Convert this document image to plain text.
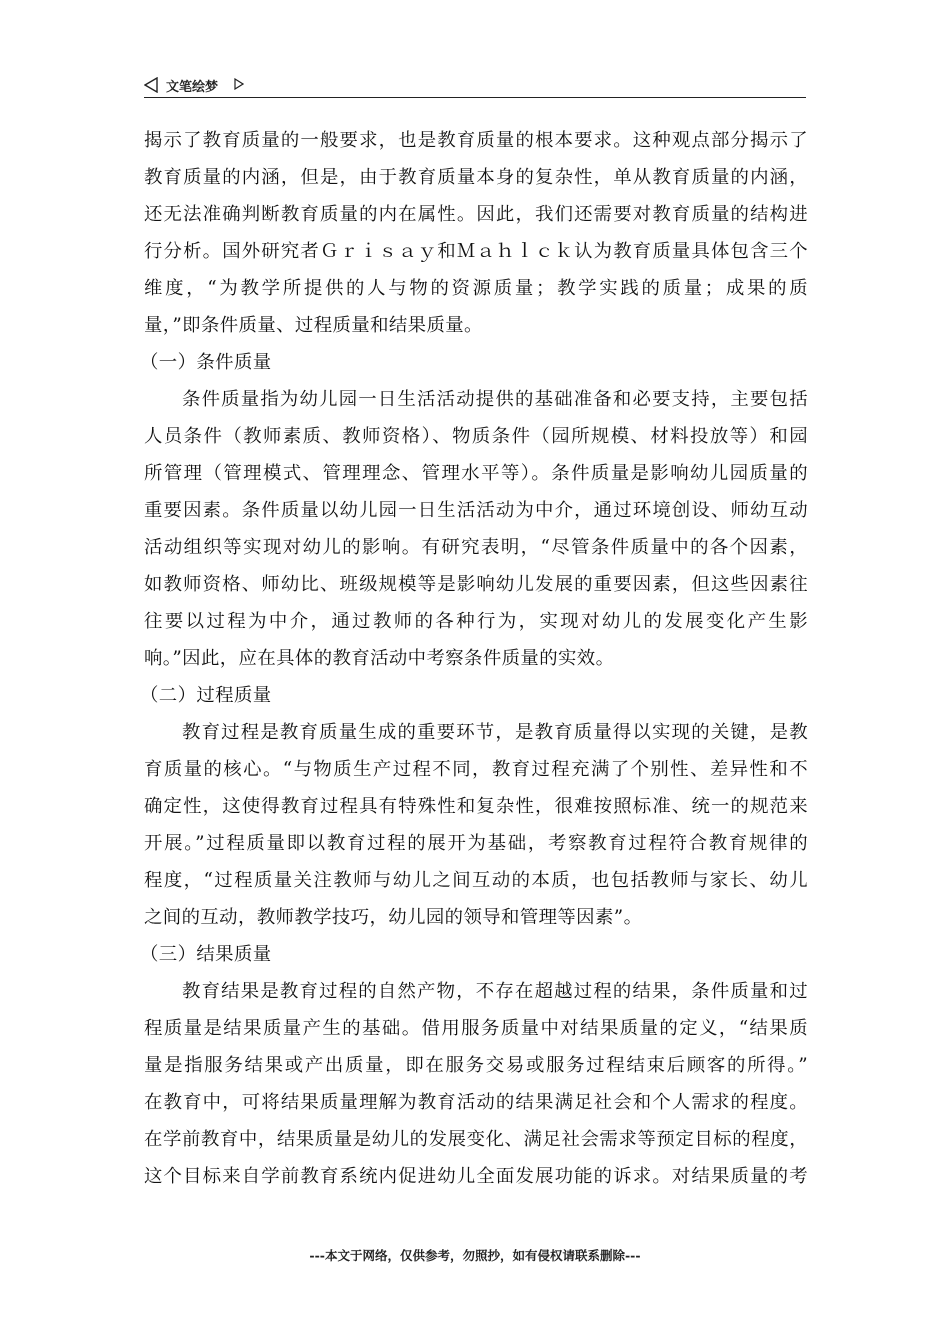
文笔绘梦
揭示了教育质量的一般要求，也是教育质量的根本要求。这种观点部分揭示了
教育质量的内涵，但是，由于教育质量本身的复杂性，单从教育质量的内涵，
还无法准确判断教育质量的内在属性。因此，我们还需要对教育质量的结构进
行分析。国外研究者Ｇｒｉｓａｙ和Ｍａｈｌｃｋ认为教育质量具体包含三个
维度，“为教学所提供的人与物的资源质量；教学实践的质量；成果的质
量，”即条件质量、过程质量和结果质量。
（一）条件质量
条件质量指为幼儿园一日生活活动提供的基础准备和必要支持，主要包括
人员条件（教师素质、教师资格）、物质条件（园所规模、材料投放等）和园
所管理（管理模式、管理理念、管理水平等）。条件质量是影响幼儿园质量的
重要因素。条件质量以幼儿园一日生活活动为中介，通过环境创设、师幼互动
活动组织等实现对幼儿的影响。有研究表明，“尽管条件质量中的各个因素，
如教师资格、师幼比、班级规模等是影响幼儿发展的重要因素，但这些因素往
往要以过程为中介，通过教师的各种行为，实现对幼儿的发展变化产生影
响。”因此，应在具体的教育活动中考察条件质量的实效。
（二）过程质量
教育过程是教育质量生成的重要环节，是教育质量得以实现的关键，是教
育质量的核心。“与物质生产过程不同，教育过程充满了个别性、差异性和不
确定性，这使得教育过程具有特殊性和复杂性，很难按照标准、统一的规范来
开展。”过程质量即以教育过程的展开为基础，考察教育过程符合教育规律的
程度，“过程质量关注教师与幼儿之间互动的本质，也包括教师与家长、幼儿
之间的互动，教师教学技巧，幼儿园的领导和管理等因素”。
（三）结果质量
教育结果是教育过程的自然产物，不存在超越过程的结果，条件质量和过
程质量是结果质量产生的基础。借用服务质量中对结果质量的定义，“结果质
量是指服务结果或产出质量，即在服务交易或服务过程结束后顾客的所得。”
在教育中，可将结果质量理解为教育活动的结果满足社会和个人需求的程度。
在学前教育中，结果质量是幼儿的发展变化、满足社会需求等预定目标的程度，
这个目标来自学前教育系统内促进幼儿全面发展功能的诉求。对结果质量的考
---本文于网络，仅供参考，勿照抄，如有侵权请联系删除---
